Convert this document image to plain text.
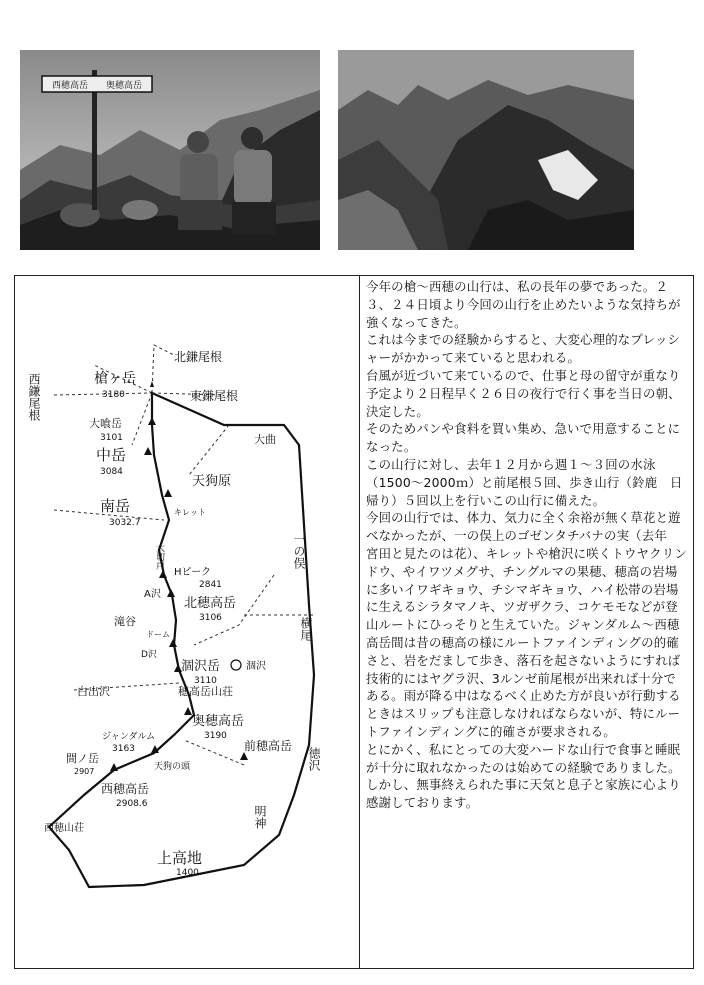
西穂高岳 奥穂高岳
北鎌尾根
東鎌尾根
槍ヶ岳
3180
大喰岳
3101	大曲
中岳
3084
天狗原
南岳
3032.7
キレット
Hピーク
2841
A沢
北穂高岳
3106
滝谷
ドーム
D沢
涸沢岳
3110
涸沢
穂高岳山荘
白出沢
奥穂高岳
3190
ジャンダルム
3163
天狗の頭
前穂高岳
間ノ岳
2907
西穂高岳
2908.6
西穂山荘
上高地
1400
西鎌尾根
大切戸	一の俣
横尾
徳沢
明神

今年の槍～西穂の山行は、私の長年の夢であった。２３、２４日頃より今回の山行を止めたいような気持ちが強くなってきた。

これは今までの経験からすると、大変心理的なプレッシャーがかかって来ていると思われる。

台風が近づいて来ているので、仕事と母の留守が重なり予定より２日程早く２６日の夜行で行く事を当日の朝、決定した。

そのためパンや食料を買い集め、急いで用意することになった。

この山行に対し、去年１２月から週１～３回の水泳（1500～2000ｍ）と前尾根５回、歩き山行（鈴鹿　日帰り）５回以上を行いこの山行に備えた。

今回の山行では、体力、気力に全く余裕が無く草花と遊べなかったが、一の俣上のゴゼンタチバナの実（去年　宮田と見たのは花）、キレットや槍沢に咲くトウヤクリンドウ、やイワツメグサ、チングルマの果穂、穂高の岩場に多いイワギキョウ、チシマギキョウ、ハイ松帯の岩場に生えるシラタマノキ、ツガザクラ、コケモモなどが登山ルートにひっそりと生えていた。ジャンダルム～西穂高岳間は昔の穂高の様にルートファインディングの的確さと、岩をだまして歩き、落石を起さないようにすれば技術的にはヤグラ沢、3ルンゼ前尾根が出来れば十分である。雨が降る中はなるべく止めた方が良いが行動するときはスリップも注意しなければならないが、特にルートファインディングに的確さが要求される。

とにかく、私にとっての大変ハードな山行で食事と睡眠が十分に取れなかったのは始めての経験でありました。しかし、無事終えられた事に天気と息子と家族に心より感謝しております。
